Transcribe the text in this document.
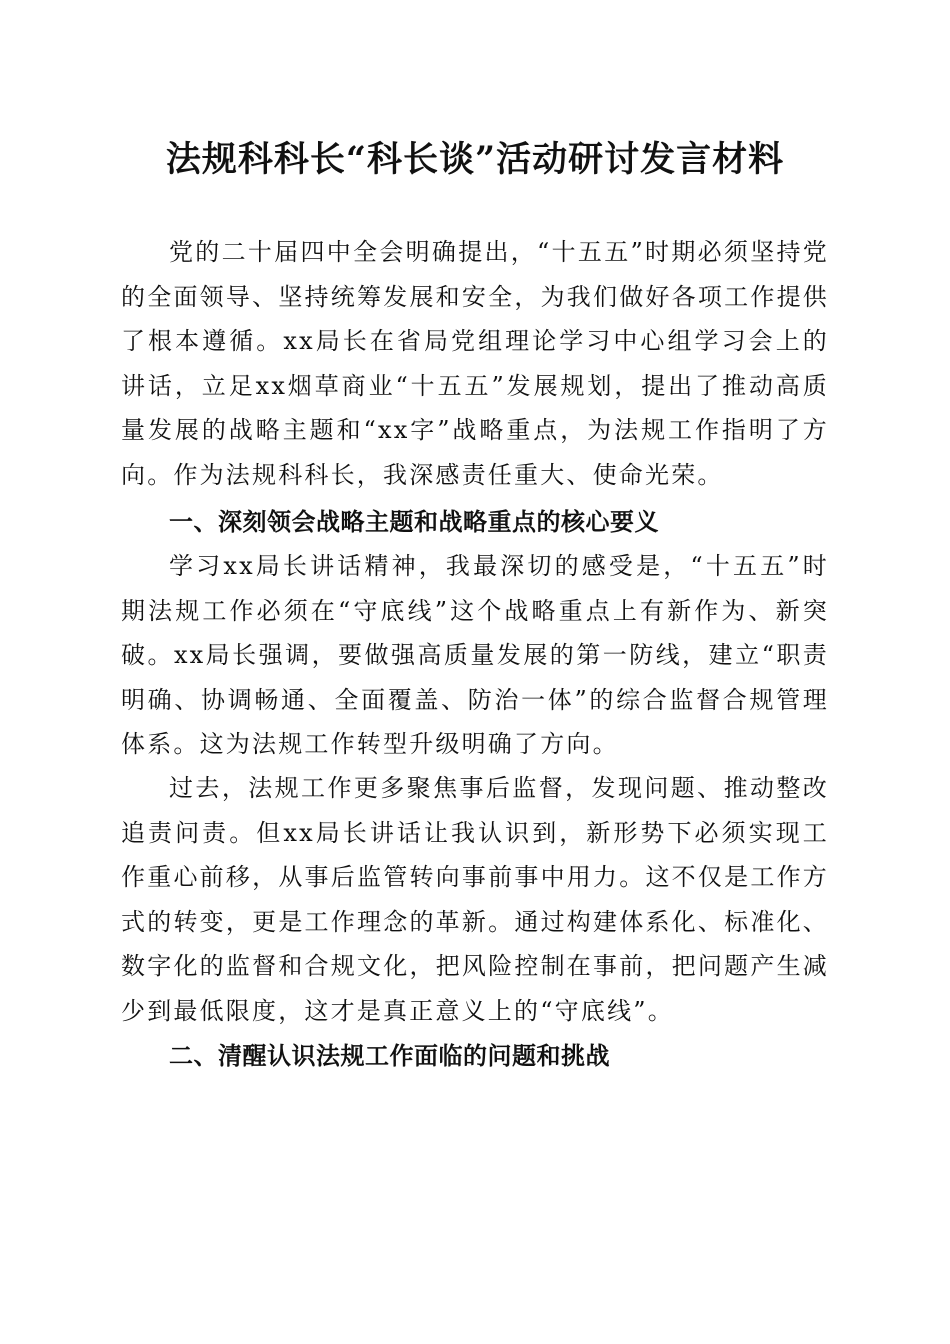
法规科科长“科长谈”活动研讨发言材料

党的二十届四中全会明确提出，“十五五”时期必须坚持党的全面领导、坚持统筹发展和安全，为我们做好各项工作提供了根本遵循。xx局长在省局党组理论学习中心组学习会上的讲话，立足xx烟草商业“十五五”发展规划，提出了推动高质量发展的战略主题和“xx字”战略重点，为法规工作指明了方向。作为法规科科长，我深感责任重大、使命光荣。

一、深刻领会战略主题和战略重点的核心要义

学习xx局长讲话精神，我最深切的感受是，“十五五”时期法规工作必须在“守底线”这个战略重点上有新作为、新突破。xx局长强调，要做强高质量发展的第一防线，建立“职责明确、协调畅通、全面覆盖、防治一体”的综合监督合规管理体系。这为法规工作转型升级明确了方向。

过去，法规工作更多聚焦事后监督，发现问题、推动整改追责问责。但xx局长讲话让我认识到，新形势下必须实现工作重心前移，从事后监管转向事前事中用力。这不仅是工作方式的转变，更是工作理念的革新。通过构建体系化、标准化、数字化的监督和合规文化，把风险控制在事前，把问题产生减少到最低限度，这才是真正意义上的“守底线”。

二、清醒认识法规工作面临的问题和挑战
